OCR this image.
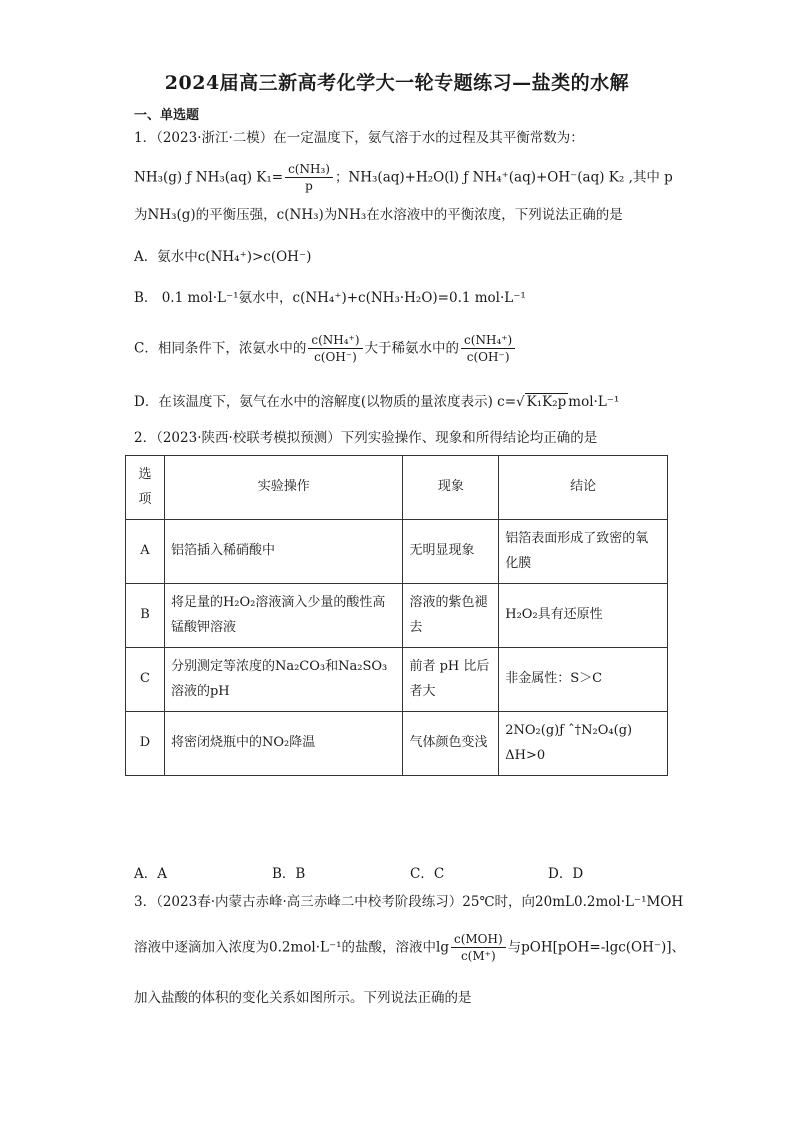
2024届高三新高考化学大一轮专题练习—盐类的水解
一、单选题
1．（2023·浙江·二模）在一定温度下，氨气溶于水的过程及其平衡常数为：
NH₃(g) ƒ NH₃(aq) $K_1= \frac{\text{c(NH₃)}}{p}$ ；NH₃(aq)+H₂O(l) ƒ NH₄⁺(aq)+OH⁻(aq) K₂ ,其中 p
为NH₃(g)的平衡压强，c(NH₃)为NH₃在水溶液中的平衡浓度，下列说法正确的是
A．氨水中c(NH₄⁺)>c(OH⁻)
B． 0.1 mol·L⁻¹氨水中，c(NH₄⁺)+c(NH₃·H₂O)=0.1 mol·L⁻¹
C．相同条件下，浓氨水中的 $\frac{\text{c(NH₄⁺)}}{c(OH^-)}$ 大于稀氨水中的 $\frac{\text{c(NH₄⁺)}}{c(OH^-)}$
D．在该温度下，氨气在水中的溶解度(以物质的量浓度表示) c=√ K₁K₂p mol·L⁻¹
2．（2023·陕西·校联考模拟预测）下列实验操作、现象和所得结论均正确的是
选项	实验操作	现象	结论
A	铝箔插入稀硝酸中	无明显现象	铝箔表面形成了致密的氧化膜
B	将足量的H₂O₂溶液滴入少量的酸性高锰酸钾溶液	溶液的紫色褪去	H₂O₂具有还原性
C	分别测定等浓度的Na₂CO₃和Na₂SO₃溶液的pH	前者 pH 比后者大	非金属性：S＞C
D	将密闭烧瓶中的NO₂降温	气体颜色变浅	2NO₂(g)ƒ ˆ†N₂O₄(g) ΔH>0
A．A	B．B	C．C	D．D
3．（2023春·内蒙古赤峰·高三赤峰二中校考阶段练习）25℃时，向20mL0.2mol·L⁻¹MOH
溶液中逐滴加入浓度为0.2mol·L⁻¹的盐酸，溶液中$\lg \frac{\text{c(MOH)}}{c(M^+)}$ 与pOH[pOH=-lgc(OH⁻)]、
加入盐酸的体积的变化关系如图所示。下列说法正确的是
